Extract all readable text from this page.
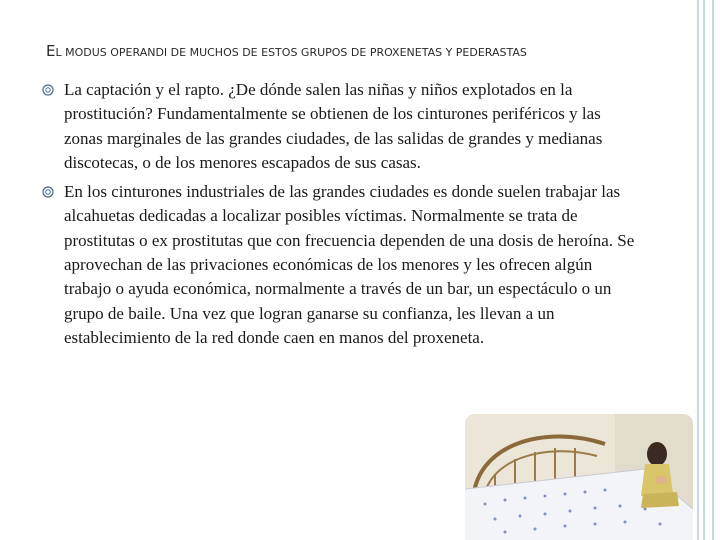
EL MODUS OPERANDI DE MUCHOS DE ESTOS GRUPOS DE PROXENETAS Y PEDERASTAS
La captación y el rapto. ¿De dónde salen las niñas y niños explotados en la prostitución? Fundamentalmente se obtienen de los cinturones periféricos y las zonas marginales de las grandes ciudades, de las salidas de grandes y medianas discotecas, o de los menores escapados de sus casas.
En los cinturones industriales de las grandes ciudades es donde suelen trabajar las alcahuetas dedicadas a localizar posibles víctimas. Normalmente se trata de prostitutas o ex prostitutas que con frecuencia dependen de una dosis de heroína. Se aprovechan de las privaciones económicas de los menores y les ofrecen algún trabajo o ayuda económica, normalmente a través de un bar, un espectáculo o un grupo de baile. Una vez que logran ganarse su confianza, les llevan a un establecimiento de la red donde caen en manos del proxeneta.
